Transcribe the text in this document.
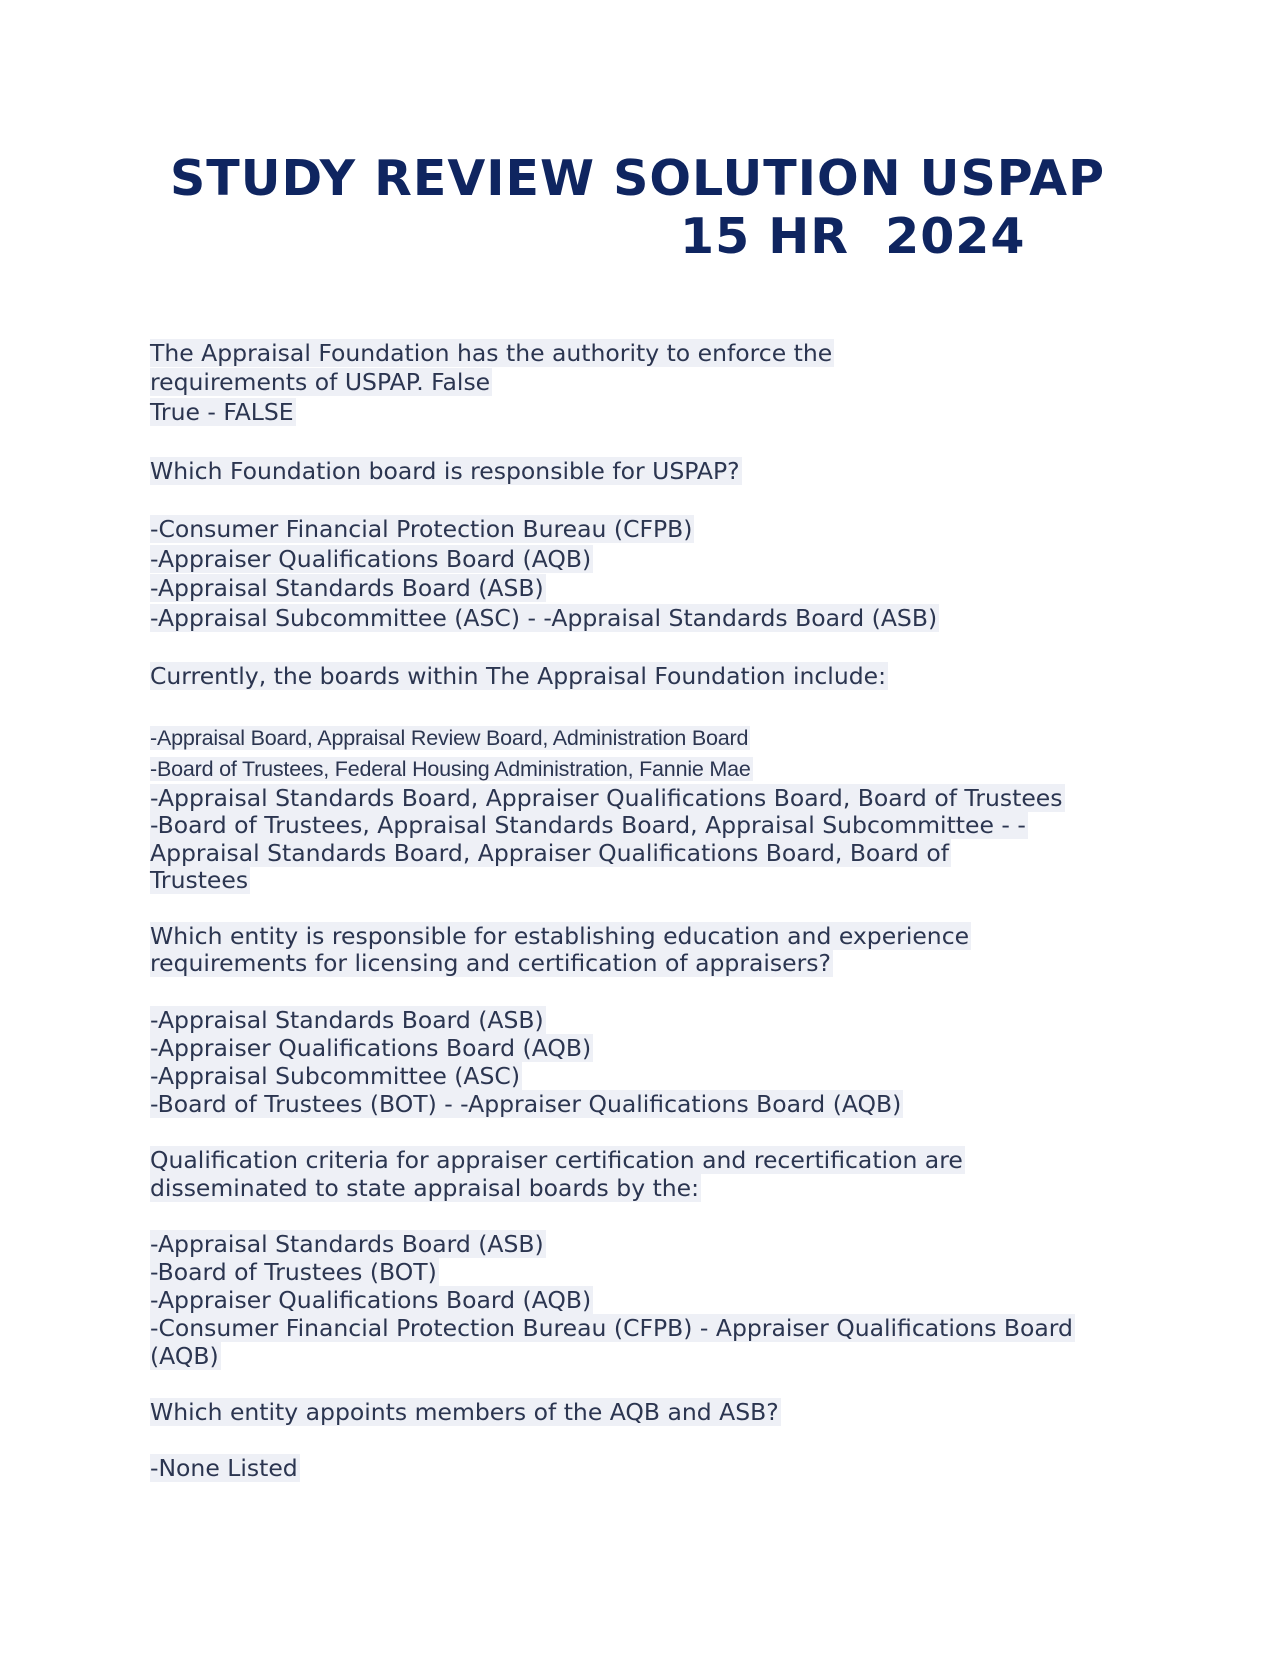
STUDY REVIEW SOLUTION USPAP
15 HR  2024
The Appraisal Foundation has the authority to enforce the
requirements of USPAP. False
True - FALSE
Which Foundation board is responsible for USPAP?
-Consumer Financial Protection Bureau (CFPB)
-Appraiser Qualifications Board (AQB)
-Appraisal Standards Board (ASB)
-Appraisal Subcommittee (ASC) - -Appraisal Standards Board (ASB)
Currently, the boards within The Appraisal Foundation include:
-Appraisal Board, Appraisal Review Board, Administration Board
-Board of Trustees, Federal Housing Administration, Fannie Mae
-Appraisal Standards Board, Appraiser Qualifications Board, Board of Trustees
-Board of Trustees, Appraisal Standards Board, Appraisal Subcommittee - -
Appraisal Standards Board, Appraiser Qualifications Board, Board of
Trustees
Which entity is responsible for establishing education and experience
requirements for licensing and certification of appraisers?
-Appraisal Standards Board (ASB)
-Appraiser Qualifications Board (AQB)
-Appraisal Subcommittee (ASC)
-Board of Trustees (BOT) - -Appraiser Qualifications Board (AQB)
Qualification criteria for appraiser certification and recertification are
disseminated to state appraisal boards by the:
-Appraisal Standards Board (ASB)
-Board of Trustees (BOT)
-Appraiser Qualifications Board (AQB)
-Consumer Financial Protection Bureau (CFPB) - Appraiser Qualifications Board
(AQB)
Which entity appoints members of the AQB and ASB?
-None Listed
